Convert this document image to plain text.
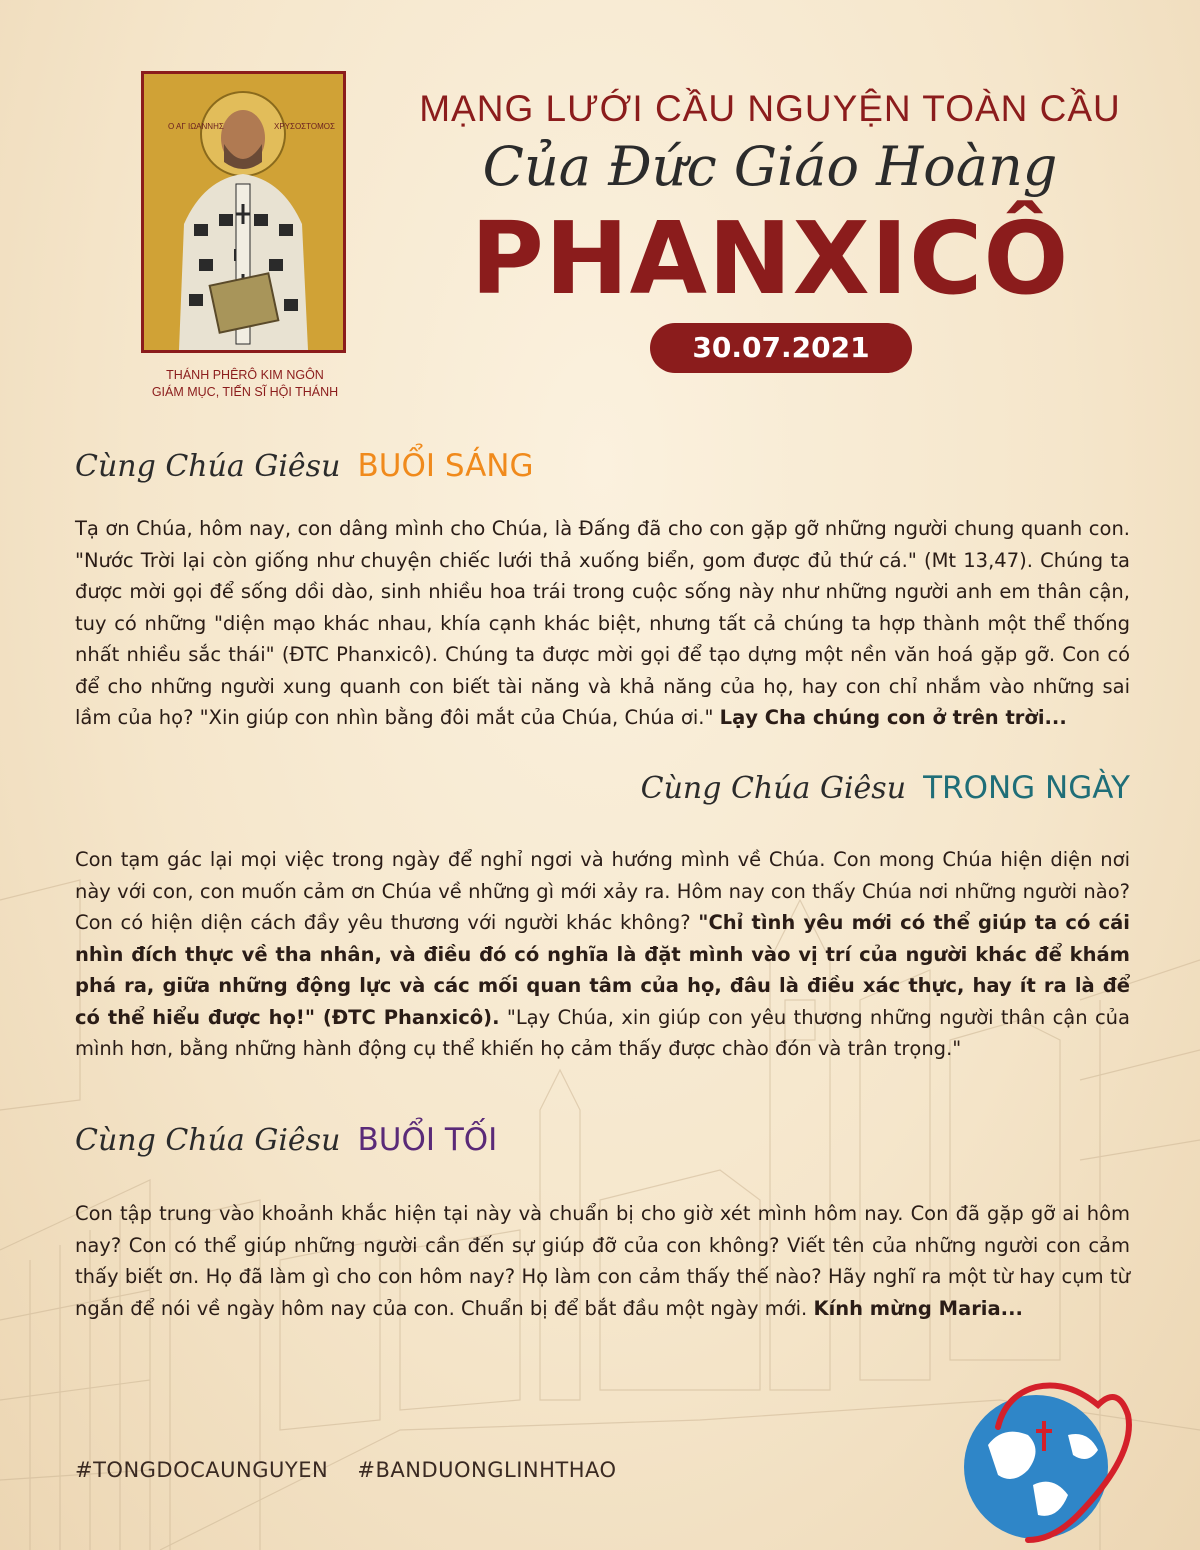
Ο ΑΓ ΙΩΑΝΝΗΣ	ΧΡΥΣΟΣΤΟΜΟΣ
THÁNH PHÊRÔ KIM NGÔN
GIÁM MỤC, TIẾN SĨ HỘI THÁNH
MẠNG LƯỚI CẦU NGUYỆN TOÀN CẦU
Của Đức Giáo Hoàng
PHANXICÔ
30.07.2021
Cùng Chúa Giêsu BUỔI SÁNG
Tạ ơn Chúa, hôm nay, con dâng mình cho Chúa, là Đấng đã cho con gặp gỡ những người chung quanh con. "Nước Trời lại còn giống như chuyện chiếc lưới thả xuống biển, gom được đủ thứ cá." (Mt 13,47). Chúng ta được mời gọi để sống dồi dào, sinh nhiều hoa trái trong cuộc sống này như những người anh em thân cận, tuy có những "diện mạo khác nhau, khía cạnh khác biệt, nhưng tất cả chúng ta hợp thành một thể thống nhất nhiều sắc thái" (ĐTC Phanxicô). Chúng ta được mời gọi để tạo dựng một nền văn hoá gặp gỡ. Con có để cho những người xung quanh con biết tài năng và khả năng của họ, hay con chỉ nhắm vào những sai lầm của họ? "Xin giúp con nhìn bằng đôi mắt của Chúa, Chúa ơi." Lạy Cha chúng con ở trên trời...
Cùng Chúa Giêsu TRONG NGÀY
Con tạm gác lại mọi việc trong ngày để nghỉ ngơi và hướng mình về Chúa. Con mong Chúa hiện diện nơi này với con, con muốn cảm ơn Chúa về những gì mới xảy ra. Hôm nay con thấy Chúa nơi những người nào? Con có hiện diện cách đầy yêu thương với người khác không? "Chỉ tình yêu mới có thể giúp ta có cái nhìn đích thực về tha nhân, và điều đó có nghĩa là đặt mình vào vị trí của người khác để khám phá ra, giữa những động lực và các mối quan tâm của họ, đâu là điều xác thực, hay ít ra là để có thể hiểu được họ!" (ĐTC Phanxicô). "Lạy Chúa, xin giúp con yêu thương những người thân cận của mình hơn, bằng những hành động cụ thể khiến họ cảm thấy được chào đón và trân trọng."
Cùng Chúa Giêsu BUỔI TỐI
Con tập trung vào khoảnh khắc hiện tại này và chuẩn bị cho giờ xét mình hôm nay. Con đã gặp gỡ ai hôm nay? Con có thể giúp những người cần đến sự giúp đỡ của con không? Viết tên của những người con cảm thấy biết ơn. Họ đã làm gì cho con hôm nay? Họ làm con cảm thấy thế nào? Hãy nghĩ ra một từ hay cụm từ ngắn để nói về ngày hôm nay của con. Chuẩn bị để bắt đầu một ngày mới. Kính mừng Maria...
#TONGDOCAUNGUYEN #BANDUONGLINHTHAO
